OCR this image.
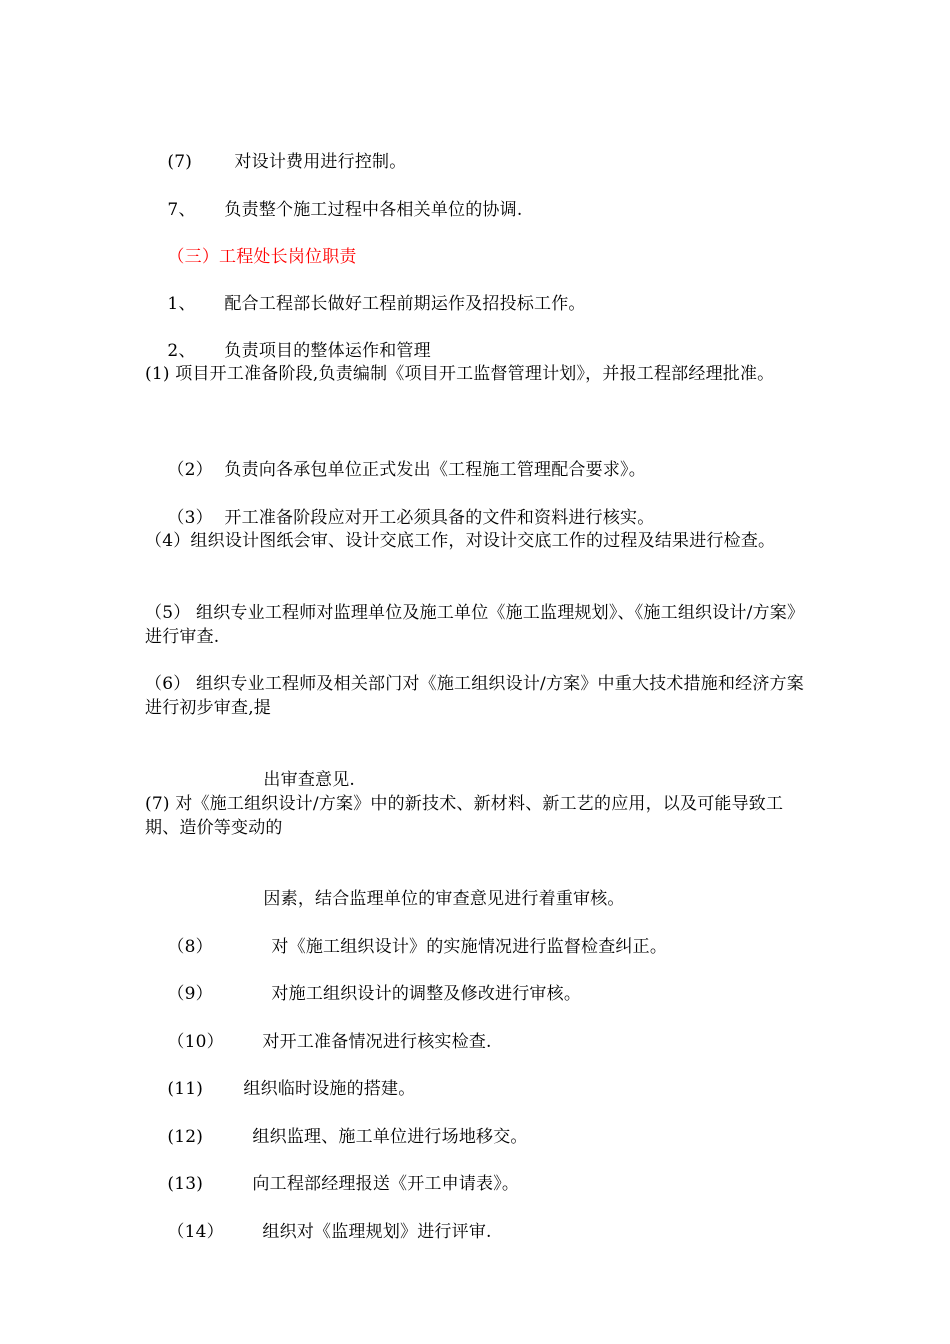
(7) 对设计费用进行控制。

7、 负责整个施工过程中各相关单位的协调.

（三）工程处长岗位职责

1、 配合工程部长做好工程前期运作及招投标工作。

2、 负责项目的整体运作和管理

(1) 项目开工准备阶段,负责编制《项目开工监督管理计划》，并报工程部经理批准。

（2） 负责向各承包单位正式发出《工程施工管理配合要求》。

（3） 开工准备阶段应对开工必须具备的文件和资料进行核实。

（4）组织设计图纸会审、设计交底工作，对设计交底工作的过程及结果进行检查。
（5） 组织专业工程师对监理单位及施工单位《施工监理规划》、《施工组织设计/方案》进行审查.
（6） 组织专业工程师及相关部门对《施工组织设计/方案》中重大技术措施和经济方案进行初步审查,提

出审查意见.

(7) 对《施工组织设计/方案》中的新技术、新材料、新工艺的应用，以及可能导致工期、造价等变动的

因素，结合监理单位的审查意见进行着重审核。

（8）	对《施工组织设计》的实施情况进行监督检查纠正。

（9）	对施工组织设计的调整及修改进行审核。

（10） 对开工准备情况进行核实检查.

(11) 组织临时设施的搭建。

(12)	组织监理、施工单位进行场地移交。

(13)	向工程部经理报送《开工申请表》。

（14） 组织对《监理规划》进行评审.
